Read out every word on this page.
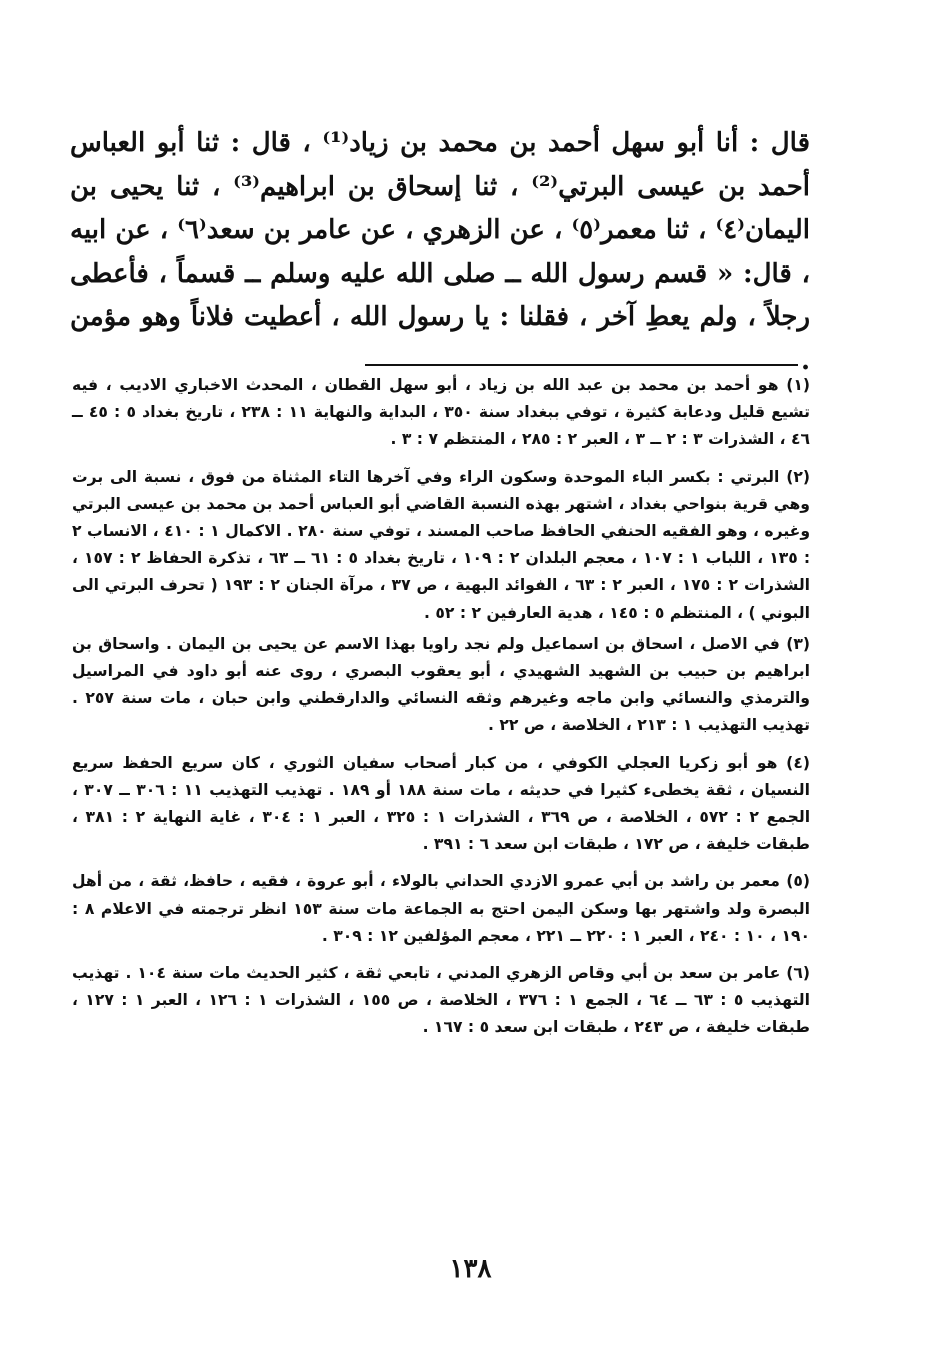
قال : أنا أبو سهل أحمد بن محمد بن زياد⁽¹⁾ ، قال : ثنا أبو العباس أحمد بن عيسى البرتي⁽²⁾ ، ثنا إسحاق بن ابراهيم⁽³⁾ ، ثنا يحيى بن اليمان⁽٤⁾ ، ثنا معمر⁽٥⁾ ، عن الزهري ، عن عامر بن سعد⁽٦⁾ ، عن ابيه ، قال: « قسم رسول الله ــ صلى الله عليه وسلم ــ قسماً ، فأعطى رجلاً ، ولم يعطِ آخر ، فقلنا : يا رسول الله ، أعطيت فلاناً وهو مؤمن .

(١) هو أحمد بن محمد بن عبد الله بن زياد ، أبو سهل القطان ، المحدث الاخباري الاديب ، فيه تشيع قليل ودعابة كثيرة ، توفي ببغداد سنة ٣٥٠ ، البداية والنهاية ١١ : ٢٣٨ ، تاريخ بغداد ٥ : ٤٥ ــ ٤٦ ، الشذرات ٣ : ٢ ــ ٣ ، العبر ٢ : ٢٨٥ ، المنتظم ٧ : ٣ .

(٢) البرتي : بكسر الباء الموحدة وسكون الراء وفي آخرها التاء المثناة من فوق ، نسبة الى برت وهي قرية بنواحي بغداد ، اشتهر بهذه النسبة القاضي أبو العباس أحمد بن محمد بن عيسى البرتي وغيره ، وهو الفقيه الحنفي الحافظ صاحب المسند ، توفي سنة ٢٨٠ . الاكمال ١ : ٤١٠ ، الانساب ٢ : ١٣٥ ، اللباب ١ : ١٠٧ ، معجم البلدان ٢ : ١٠٩ ، تاريخ بغداد ٥ : ٦١ ــ ٦٣ ، تذكرة الحفاظ ٢ : ١٥٧ ، الشذرات ٢ : ١٧٥ ، العبر ٢ : ٦٣ ، الفوائد البهية ، ص ٣٧ ، مرآة الجنان ٢ : ١٩٣ ( تحرف البرتي الى البوني ) ، المنتظم ٥ : ١٤٥ ، هدية العارفين ٢ : ٥٢ .

(٣) في الاصل ، اسحاق بن اسماعيل ولم نجد راويا بهذا الاسم عن يحيى بن اليمان . واسحاق بن ابراهيم بن حبيب بن الشهيد الشهيدي ، أبو يعقوب البصري ، روى عنه أبو داود في المراسيل والترمذي والنسائي وابن ماجه وغيرهم وثقه النسائي والدارقطني وابن حبان ، مات سنة ٢٥٧ . تهذيب التهذيب ١ : ٢١٣ ، الخلاصة ، ص ٢٢ .

(٤) هو أبو زكريا العجلي الكوفي ، من كبار أصحاب سفيان الثوري ، كان سريع الحفظ سريع النسيان ، ثقة يخطىء كثيرا في حديثه ، مات سنة ١٨٨ أو ١٨٩ . تهذيب التهذيب ١١ : ٣٠٦ ــ ٣٠٧ ، الجمع ٢ : ٥٧٢ ، الخلاصة ، ص ٣٦٩ ، الشذرات ١ : ٣٢٥ ، العبر ١ : ٣٠٤ ، غاية النهاية ٢ : ٣٨١ ، طبقات خليفة ، ص ١٧٢ ، طبقات ابن سعد ٦ : ٣٩١ .

(٥) معمر بن راشد بن أبي عمرو الازدي الحداني بالولاء ، أبو عروة ، فقيه ، حافظ، ثقة ، من أهل البصرة ولد واشتهر بها وسكن اليمن احتج به الجماعة مات سنة ١٥٣ انظر ترجمته في الاعلام ٨ : ١٩٠ ، ١٠ : ٢٤٠ ، العبر ١ : ٢٢٠ ــ ٢٢١ ، معجم المؤلفين ١٢ : ٣٠٩ .

(٦) عامر بن سعد بن أبي وقاص الزهري المدني ، تابعي ثقة ، كثير الحديث مات سنة ١٠٤ . تهذيب التهذيب ٥ : ٦٣ ــ ٦٤ ، الجمع ١ : ٣٧٦ ، الخلاصة ، ص ١٥٥ ، الشذرات ١ : ١٢٦ ، العبر ١ : ١٢٧ ، طبقات خليفة ، ص ٢٤٣ ، طبقات ابن سعد ٥ : ١٦٧ .

١٣٨
